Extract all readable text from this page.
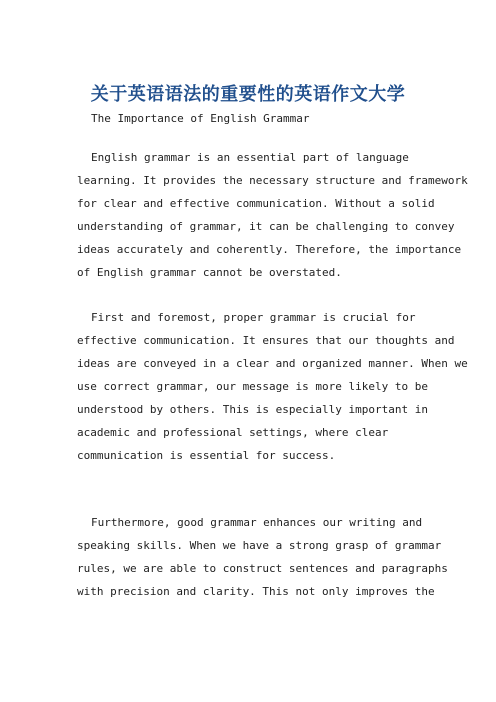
关于英语语法的重要性的英语作文大学

The Importance of English Grammar

English grammar is an essential part of language
learning. It provides the necessary structure and framework
for clear and effective communication. Without a solid
understanding of grammar, it can be challenging to convey
ideas accurately and coherently. Therefore, the importance
of English grammar cannot be overstated.
First and foremost, proper grammar is crucial for
effective communication. It ensures that our thoughts and
ideas are conveyed in a clear and organized manner. When we
use correct grammar, our message is more likely to be
understood by others. This is especially important in
academic and professional settings, where clear
communication is essential for success.
Furthermore, good grammar enhances our writing and
speaking skills. When we have a strong grasp of grammar
rules, we are able to construct sentences and paragraphs
with precision and clarity. This not only improves the
